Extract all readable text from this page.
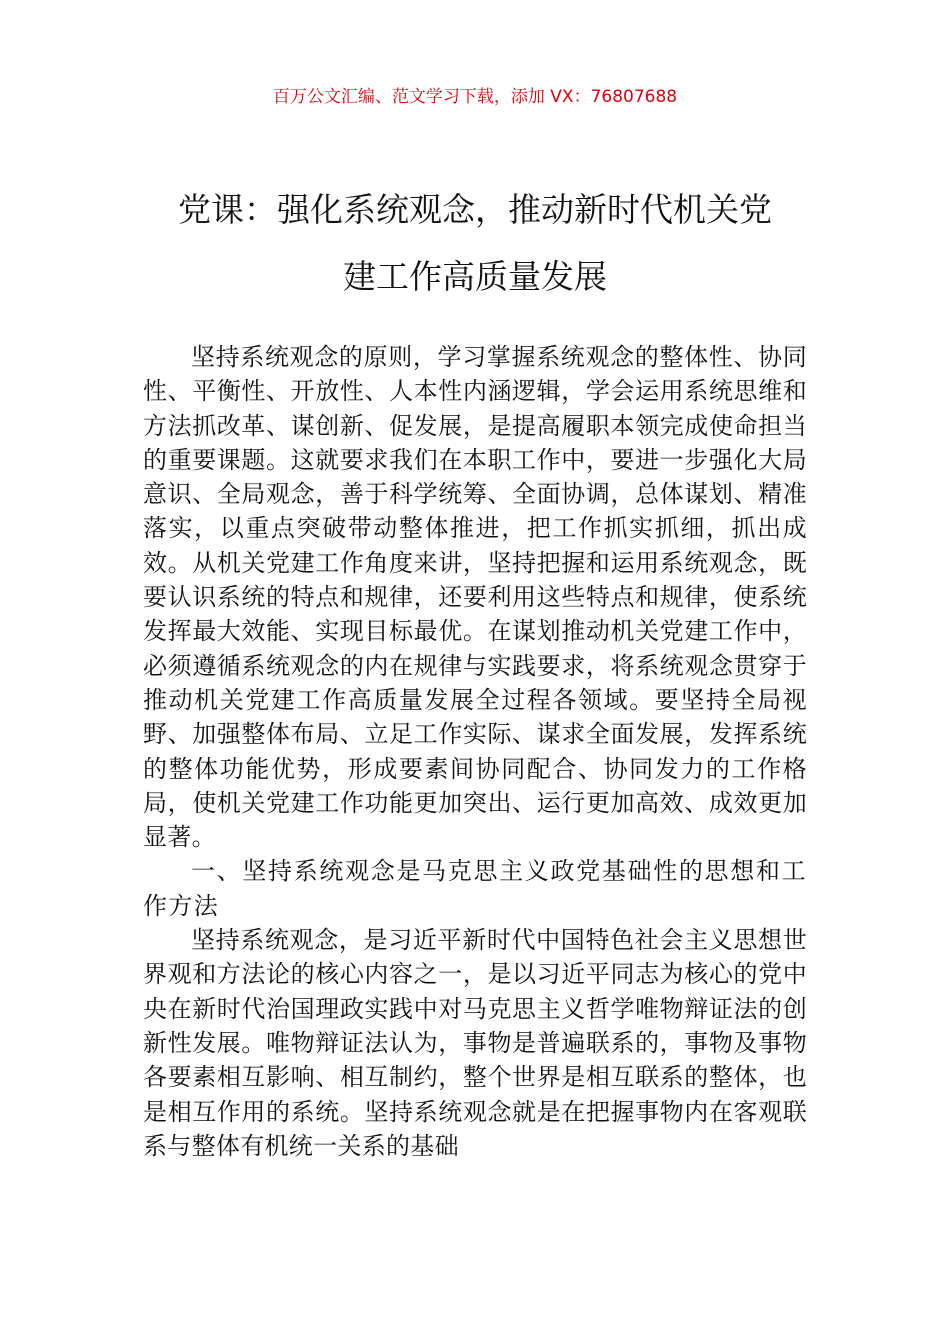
百万公文汇编、范文学习下载，添加 VX：76807688
党课：强化系统观念，推动新时代机关党
建工作高质量发展

坚持系统观念的原则，学习掌握系统观念的整体性、协同性、平衡性、开放性、人本性内涵逻辑，学会运用系统思维和方法抓改革、谋创新、促发展，是提高履职本领完成使命担当的重要课题。这就要求我们在本职工作中，要进一步强化大局意识、全局观念，善于科学统筹、全面协调，总体谋划、精准落实，以重点突破带动整体推进，把工作抓实抓细，抓出成效。从机关党建工作角度来讲，坚持把握和运用系统观念，既要认识系统的特点和规律，还要利用这些特点和规律，使系统发挥最大效能、实现目标最优。在谋划推动机关党建工作中，必须遵循系统观念的内在规律与实践要求，将系统观念贯穿于推动机关党建工作高质量发展全过程各领域。要坚持全局视野、加强整体布局、立足工作实际、谋求全面发展，发挥系统的整体功能优势，形成要素间协同配合、协同发力的工作格局，使机关党建工作功能更加突出、运行更加高效、成效更加显著。

一、坚持系统观念是马克思主义政党基础性的思想和工作方法

坚持系统观念，是习近平新时代中国特色社会主义思想世界观和方法论的核心内容之一，是以习近平同志为核心的党中央在新时代治国理政实践中对马克思主义哲学唯物辩证法的创新性发展。唯物辩证法认为，事物是普遍联系的，事物及事物各要素相互影响、相互制约，整个世界是相互联系的整体，也是相互作用的系统。坚持系统观念就是在把握事物内在客观联系与整体有机统一关系的基础
